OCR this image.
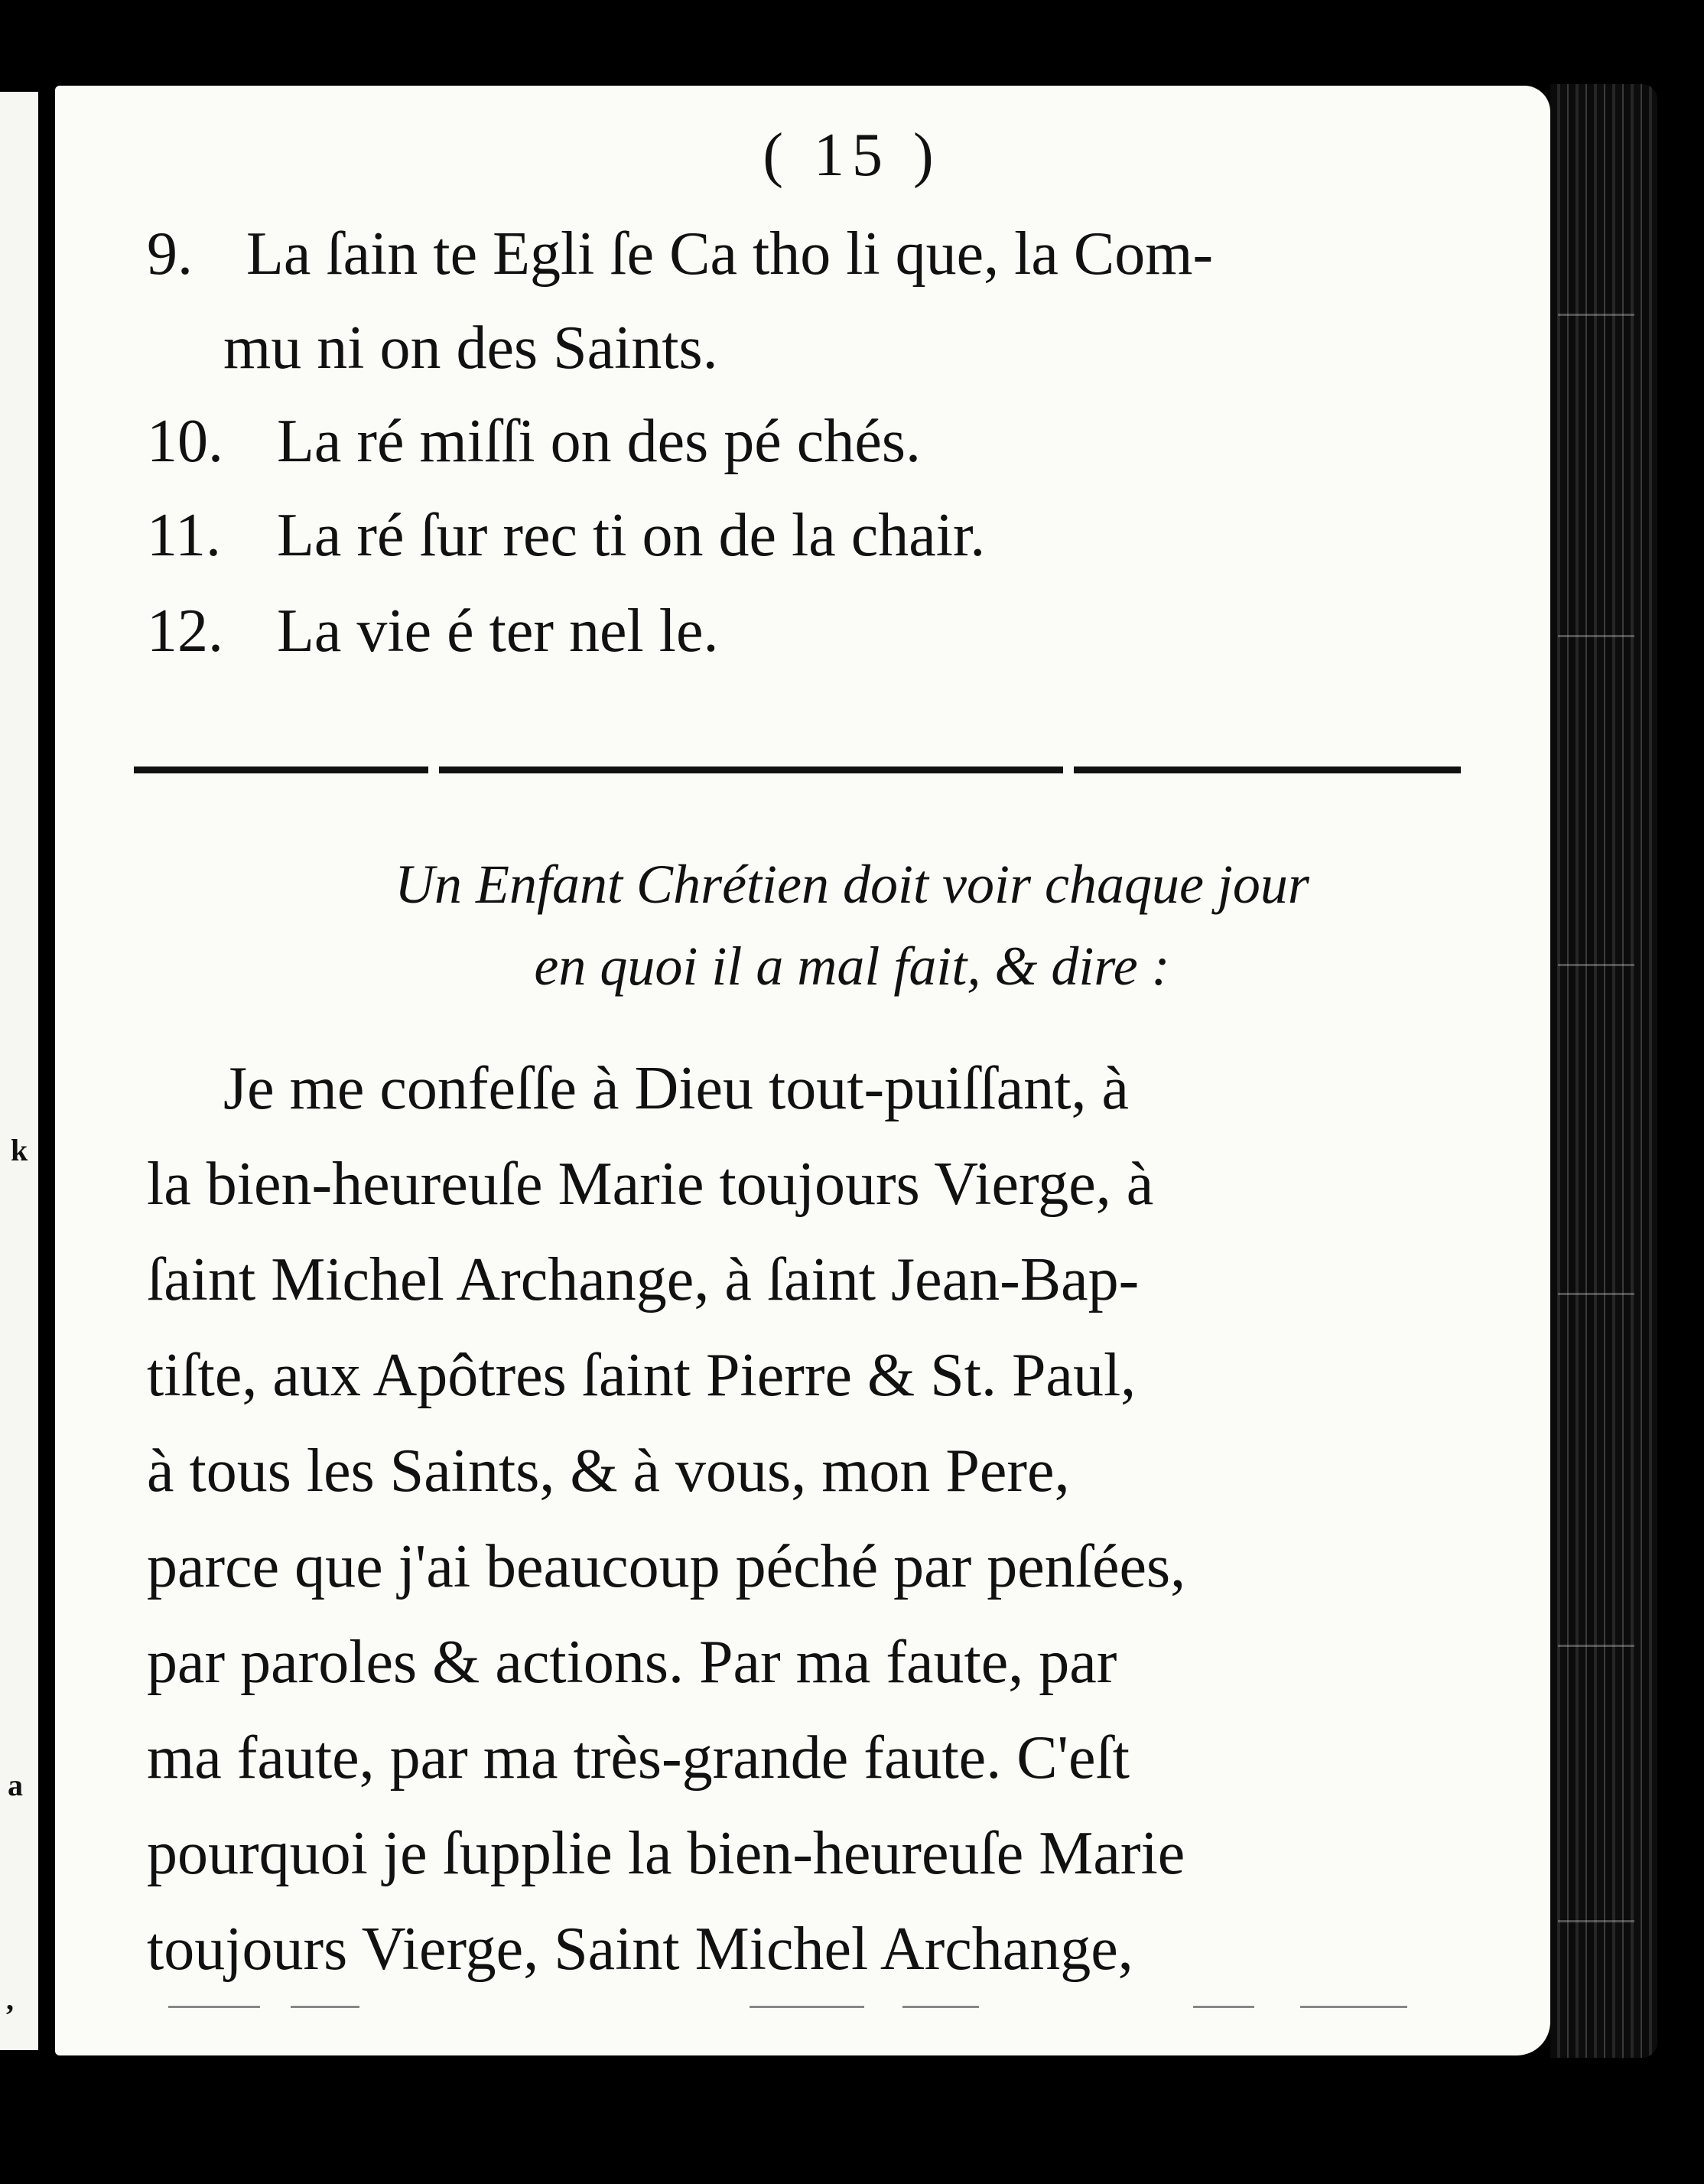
k
a
,
( 15 )
9. La ſain te Egli ſe Ca tho li que, la Com-
mu ni on des Saints.
10. La ré miſſi on des pé chés.
11. La ré ſur rec ti on de la chair.
12. La vie é ter nel le.
Un Enfant Chrétien doit voir chaque jour
en quoi il a mal fait, & dire :
Je me confeſſe à Dieu tout-puiſſant, à
la bien-heureuſe Marie toujours Vierge, à
ſaint Michel Archange, à ſaint Jean-Bap-
tiſte, aux Apôtres ſaint Pierre & St. Paul,
à tous les Saints, & à vous, mon Pere,
parce que j'ai beaucoup péché par penſées,
par paroles & actions. Par ma faute, par
ma faute, par ma très-grande faute. C'eſt
pourquoi je ſupplie la bien-heureuſe Marie
toujours Vierge, Saint Michel Archange,
